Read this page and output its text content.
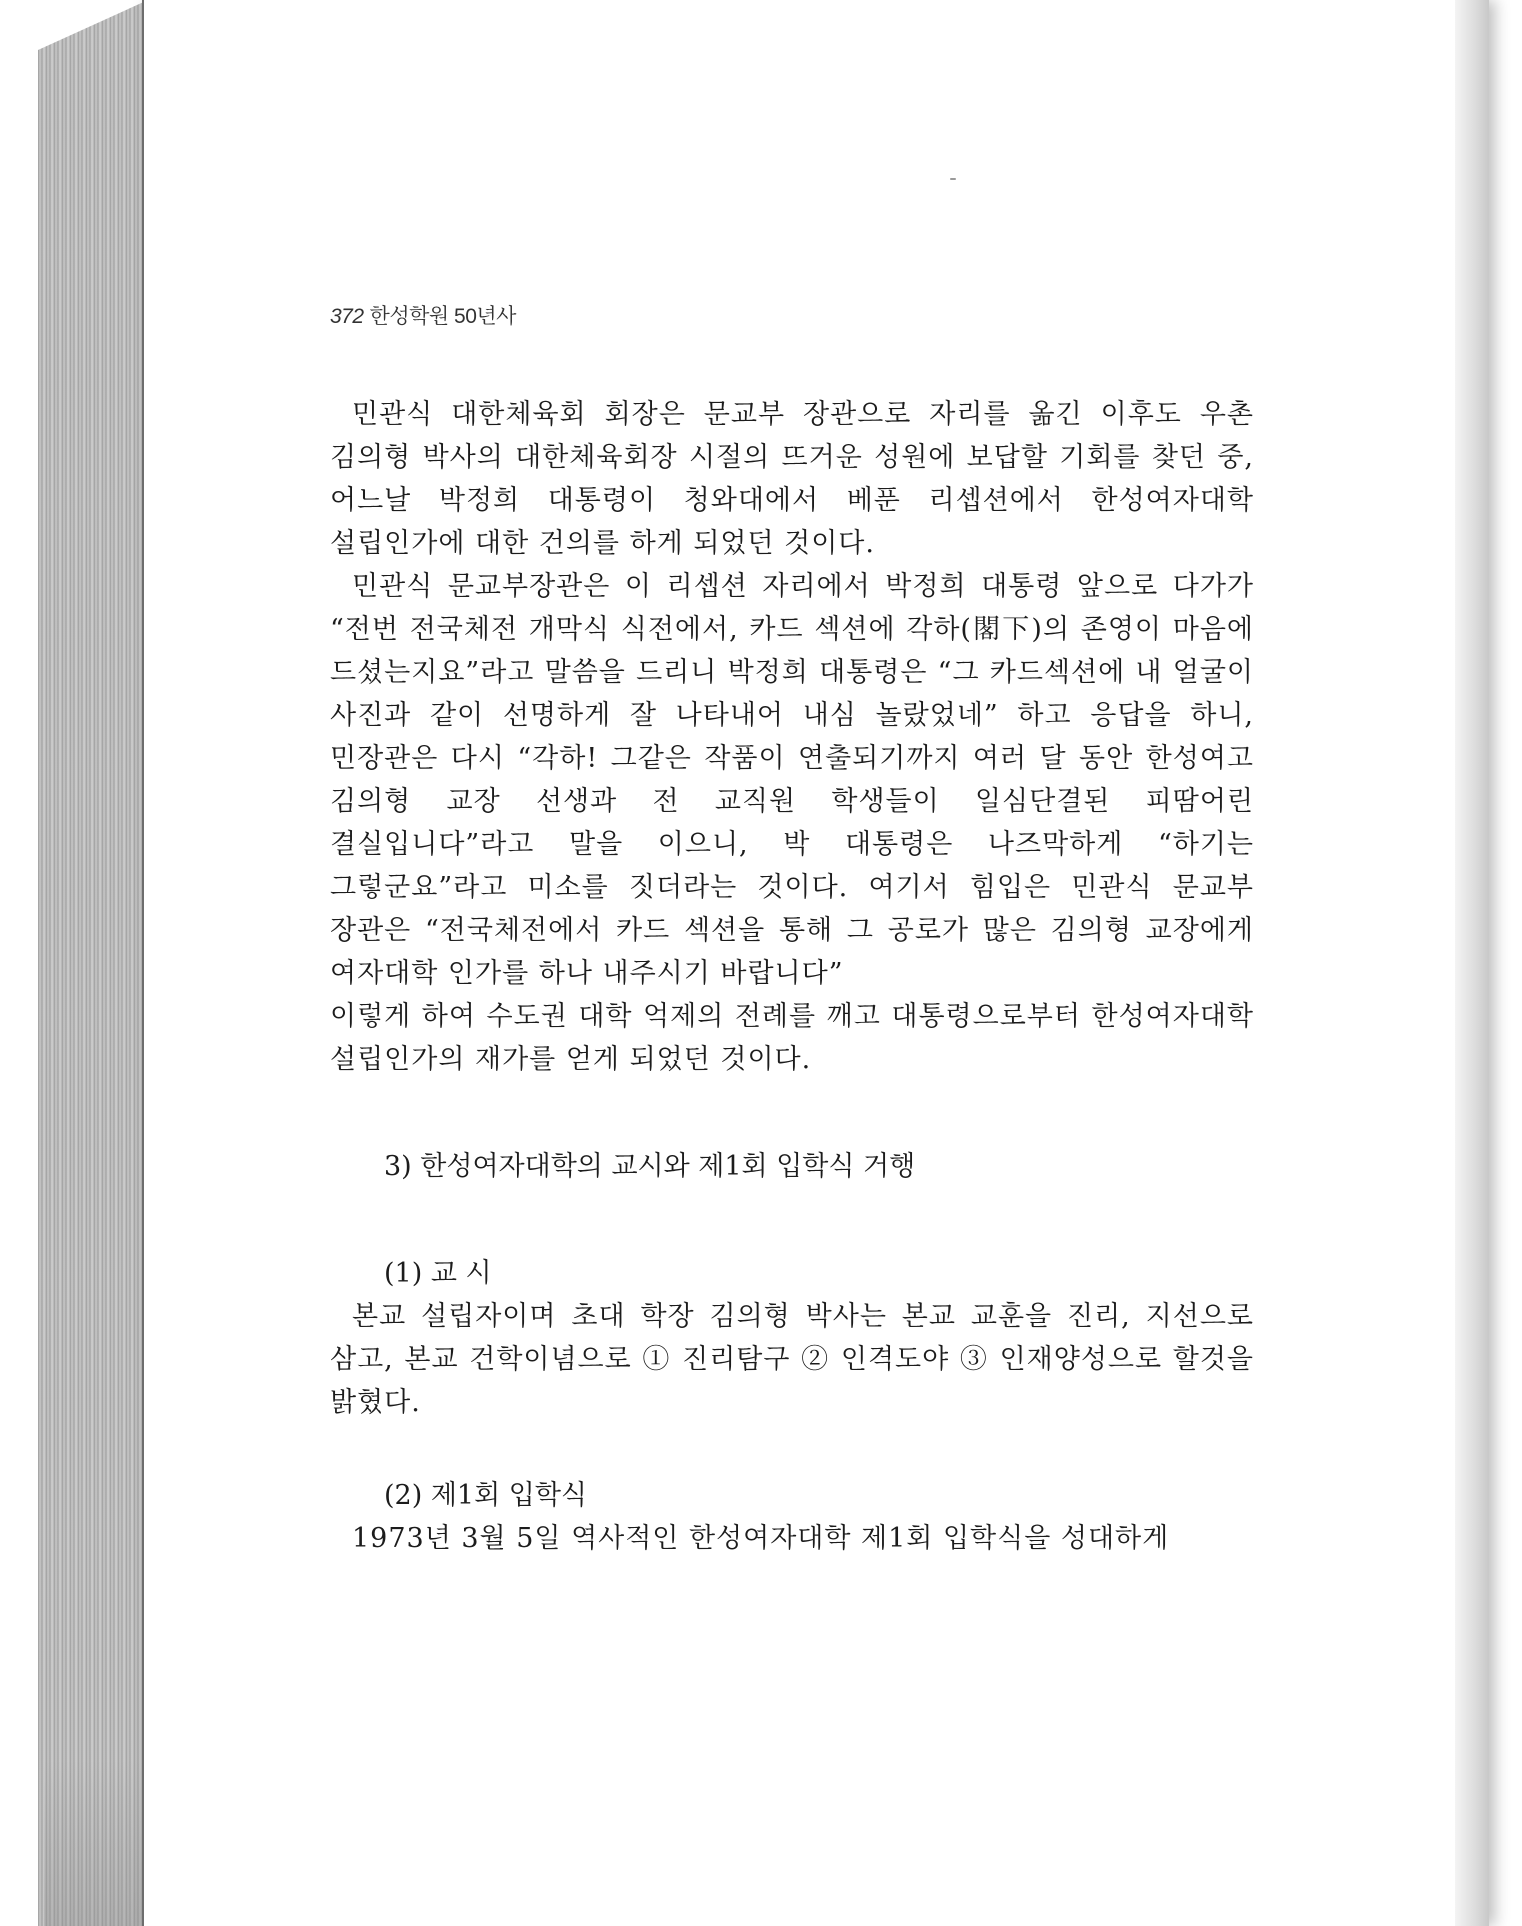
372 한성학원 50년사

민관식 대한체육회 회장은 문교부 장관으로 자리를 옮긴 이후도 우촌 김의형 박사의 대한체육회장 시절의 뜨거운 성원에 보답할 기회를 찾던 중, 어느날 박정희 대통령이 청와대에서 베푼 리셉션에서 한성여자대학 설립인가에 대한 건의를 하게 되었던 것이다.

민관식 문교부장관은 이 리셉션 자리에서 박정희 대통령 앞으로 다가가 “전번 전국체전 개막식 식전에서, 카드 섹션에 각하(閣下)의 존영이 마음에 드셨는지요”라고 말씀을 드리니 박정희 대통령은 “그 카드섹션에 내 얼굴이 사진과 같이 선명하게 잘 나타내어 내심 놀랐었네” 하고 응답을 하니, 민장관은 다시 “각하! 그같은 작품이 연출되기까지 여러 달 동안 한성여고 김의형 교장 선생과 전 교직원 학생들이 일심단결된 피땀어린 결실입니다”라고 말을 이으니, 박 대통령은 나즈막하게 “하기는 그렇군요”라고 미소를 짓더라는 것이다. 여기서 힘입은 민관식 문교부 장관은 “전국체전에서 카드 섹션을 통해 그 공로가 많은 김의형 교장에게 여자대학 인가를 하나 내주시기 바랍니다”

이렇게 하여 수도권 대학 억제의 전례를 깨고 대통령으로부터 한성여자대학 설립인가의 재가를 얻게 되었던 것이다.

3) 한성여자대학의 교시와 제1회 입학식 거행

(1) 교 시

본교 설립자이며 초대 학장 김의형 박사는 본교 교훈을 진리, 지선으로 삼고, 본교 건학이념으로 ① 진리탐구 ② 인격도야 ③ 인재양성으로 할것을 밝혔다.

(2) 제1회 입학식

1973년 3월 5일 역사적인 한성여자대학 제1회 입학식을 성대하게
